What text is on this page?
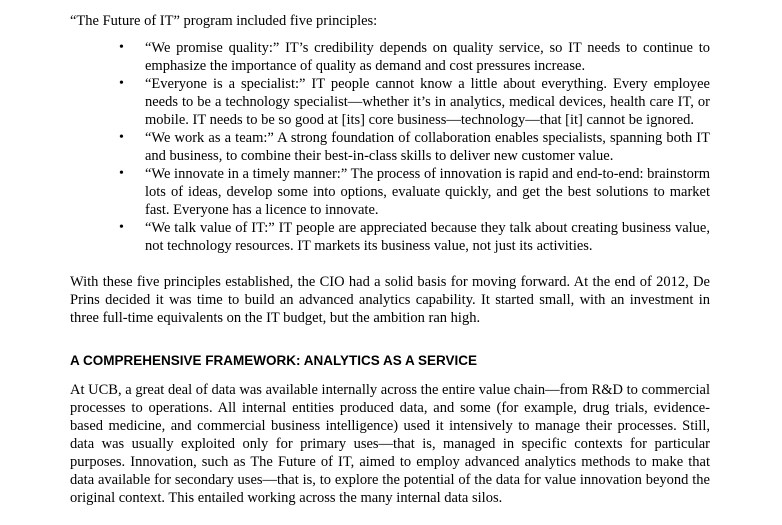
“The Future of IT” program included five principles:

• “We promise quality:” IT’s credibility depends on quality service, so IT needs to continue to emphasize the importance of quality as demand and cost pressures increase.
• “Everyone is a specialist:” IT people cannot know a little about everything. Every employee needs to be a technology specialist—whether it’s in analytics, medical devices, health care IT, or mobile. IT needs to be so good at [its] core business—technology—that [it] cannot be ignored.
• “We work as a team:” A strong foundation of collaboration enables specialists, spanning both IT and business, to combine their best-in-class skills to deliver new customer value.
• “We innovate in a timely manner:” The process of innovation is rapid and end-to-end: brainstorm lots of ideas, develop some into options, evaluate quickly, and get the best solutions to market fast. Everyone has a licence to innovate.
• “We talk value of IT:” IT people are appreciated because they talk about creating business value, not technology resources. IT markets its business value, not just its activities.

With these five principles established, the CIO had a solid basis for moving forward. At the end of 2012, De Prins decided it was time to build an advanced analytics capability. It started small, with an investment in three full-time equivalents on the IT budget, but the ambition ran high.

A COMPREHENSIVE FRAMEWORK: ANALYTICS AS A SERVICE

At UCB, a great deal of data was available internally across the entire value chain—from R&D to commercial processes to operations. All internal entities produced data, and some (for example, drug trials, evidence-based medicine, and commercial business intelligence) used it intensively to manage their processes. Still, data was usually exploited only for primary uses—that is, managed in specific contexts for particular purposes. Innovation, such as The Future of IT, aimed to employ advanced analytics methods to make that data available for secondary uses—that is, to explore the potential of the data for value innovation beyond the original context. This entailed working across the many internal data silos.
